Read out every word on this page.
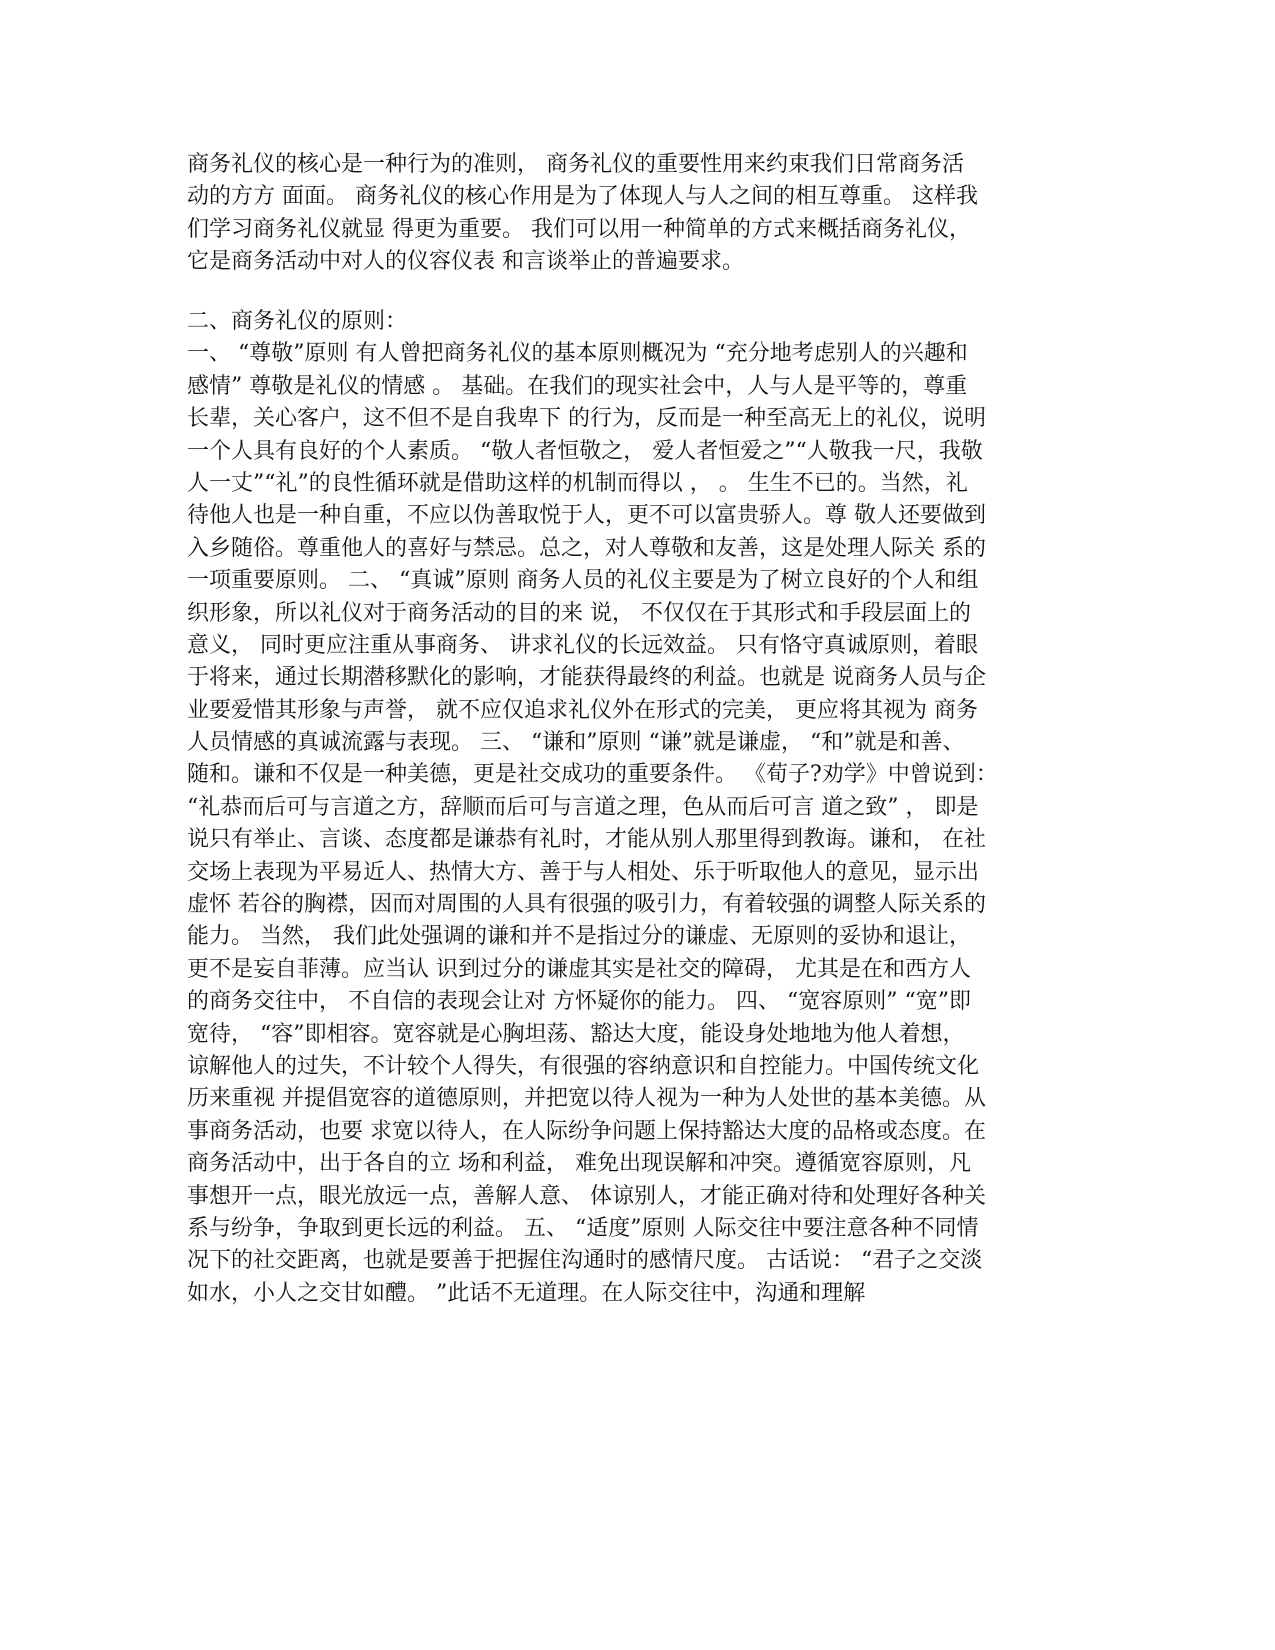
商务礼仪的核心是一种行为的准则， 商务礼仪的重要性用来约束我们日常商务活
动的方方 面面。 商务礼仪的核心作用是为了体现人与人之间的相互尊重。 这样我
们学习商务礼仪就显 得更为重要。 我们可以用一种简单的方式来概括商务礼仪，
它是商务活动中对人的仪容仪表 和言谈举止的普遍要求。
二、商务礼仪的原则：
一、 “尊敬”原则 有人曾把商务礼仪的基本原则概况为 “充分地考虑别人的兴趣和
感情” 尊敬是礼仪的情感 。 基础。在我们的现实社会中，人与人是平等的，尊重
长辈，关心客户，这不但不是自我卑下 的行为，反而是一种至高无上的礼仪，说明
一个人具有良好的个人素质。 “敬人者恒敬之， 爱人者恒爱之”“人敬我一尺，我敬
人一丈”“礼”的良性循环就是借助这样的机制而得以 ， 。 生生不已的。当然，礼
待他人也是一种自重，不应以伪善取悦于人，更不可以富贵骄人。尊 敬人还要做到
入乡随俗。尊重他人的喜好与禁忌。总之，对人尊敬和友善，这是处理人际关 系的
一项重要原则。 二、 “真诚”原则 商务人员的礼仪主要是为了树立良好的个人和组
织形象，所以礼仪对于商务活动的目的来 说， 不仅仅在于其形式和手段层面上的
意义， 同时更应注重从事商务、 讲求礼仪的长远效益。 只有恪守真诚原则，着眼
于将来，通过长期潜移默化的影响，才能获得最终的利益。也就是 说商务人员与企
业要爱惜其形象与声誉， 就不应仅追求礼仪外在形式的完美， 更应将其视为 商务
人员情感的真诚流露与表现。 三、 “谦和”原则 “谦”就是谦虚， “和”就是和善、
随和。谦和不仅是一种美德，更是社交成功的重要条件。 《荀子?劝学》中曾说到：
“礼恭而后可与言道之方，辞顺而后可与言道之理，色从而后可言 道之致” ， 即是
说只有举止、言谈、态度都是谦恭有礼时，才能从别人那里得到教诲。谦和， 在社
交场上表现为平易近人、热情大方、善于与人相处、乐于听取他人的意见，显示出
虚怀 若谷的胸襟，因而对周围的人具有很强的吸引力，有着较强的调整人际关系的
能力。 当然， 我们此处强调的谦和并不是指过分的谦虚、无原则的妥协和退让，
更不是妄自菲薄。应当认 识到过分的谦虚其实是社交的障碍， 尤其是在和西方人
的商务交往中， 不自信的表现会让对 方怀疑你的能力。 四、 “宽容原则” “宽”即
宽待， “容”即相容。宽容就是心胸坦荡、豁达大度，能设身处地地为他人着想，
谅解他人的过失，不计较个人得失，有很强的容纳意识和自控能力。中国传统文化
历来重视 并提倡宽容的道德原则，并把宽以待人视为一种为人处世的基本美德。从
事商务活动，也要 求宽以待人，在人际纷争问题上保持豁达大度的品格或态度。在
商务活动中，出于各自的立 场和利益， 难免出现误解和冲突。遵循宽容原则，凡
事想开一点，眼光放远一点，善解人意、 体谅别人，才能正确对待和处理好各种关
系与纷争，争取到更长远的利益。 五、 “适度”原则 人际交往中要注意各种不同情
况下的社交距离，也就是要善于把握住沟通时的感情尺度。 古话说： “君子之交淡
如水，小人之交甘如醴。 ”此话不无道理。在人际交往中，沟通和理解
